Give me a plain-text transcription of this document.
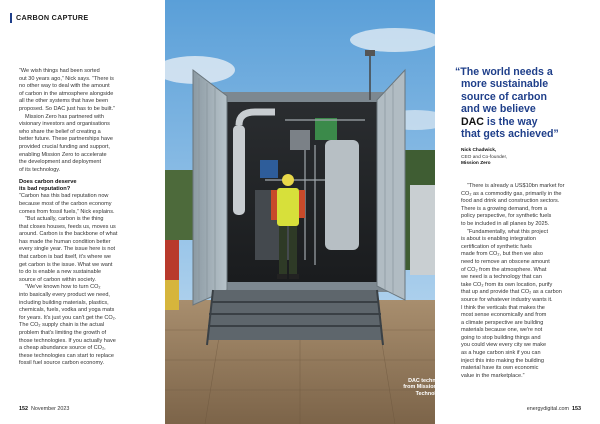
CARBON CAPTURE

“We wish things had been sorted
out 30 years ago,” Nick says. “There is
no other way to deal with the amount
of carbon in the atmosphere alongside
all the other systems that have been
proposed. So DAC just has to be built.”

Mission Zero has partnered with
visionary investors and organisations
who share the belief of creating a
better future. These partnerships have
provided crucial funding and support,
enabling Mission Zero to accelerate
the development and deployment
of its technology.

Does carbon deserve
its bad reputation?

“Carbon has this bad reputation now
because most of the carbon economy
comes from fossil fuels,” Nick explains.

“But actually, carbon is the thing
that closes houses, feeds us, moves us
around. Carbon is the backbone of what
has made the human condition better
every single year. The issue here is not
that carbon is bad itself, it's where we
get carbon is the issue. What we want
to do is enable a new sustainable
source of carbon within society.

“We've known how to turn CO₂
into basically every product we need,
including building materials, plastics,
chemicals, fuels, vodka and yoga mats
for years. It's just you can't get the CO₂.
The CO₂ supply chain is the actual
problem that's limiting the growth of
those technologies. If you actually have
a cheap abundance source of CO₂,
these technologies can start to replace
fossil fuel source carbon economy.

DAC technology
from Mission Zero
Technologies

“The world needs a
more sustainable
source of carbon
and we believe
DAC is the way
that gets achieved”

Nick Chadwick,
CEO and Co-founder,
Mission Zero

“There is already a US$10bn market for
CO₂ as a commodity gas, primarily in the
food and drink and construction sectors.
There is a growing demand, from a
policy perspective, for synthetic fuels
to be included in all planes by 2025.

“Fundamentally, what this project
is about is enabling integration
certification of synthetic fuels
made from CO₂, but then we also
need to remove an obscene amount
of CO₂ from the atmosphere. What
we need is a technology that can
take CO₂ from its own location, purify
that up and provide that CO₂ as a carbon
source for whatever industry wants it.
I think the verticals that makes the
most sense economically and from
a climate perspective are building
materials because one, we're not
going to stop building things and
you could view every city we make
as a huge carbon sink if you can
inject this into making the building
material have its own economic
value in the marketplace.”

152 November 2023	energydigital.com 153
